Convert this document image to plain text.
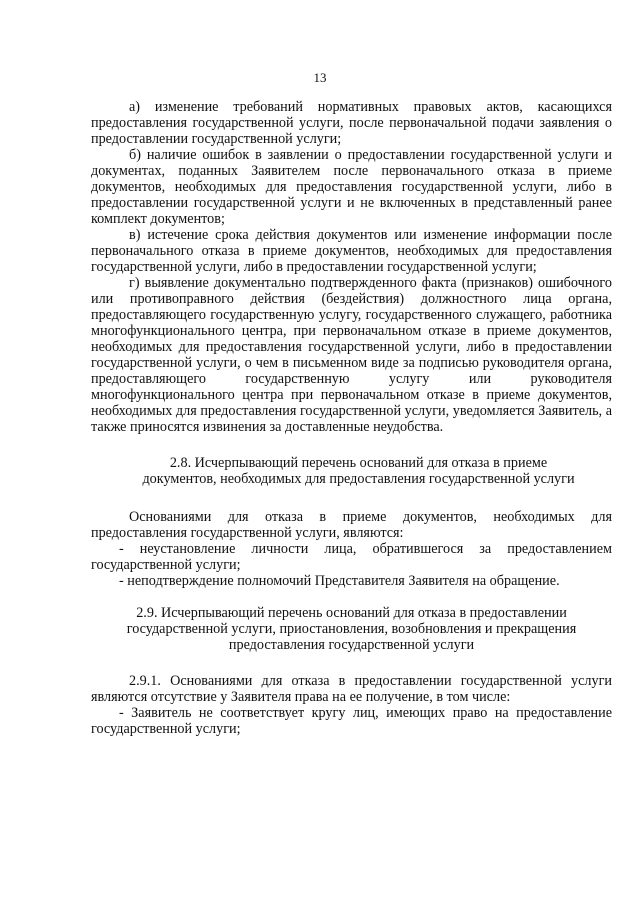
13

а) изменение требований нормативных правовых актов, касающихся предоставления государственной услуги, после первоначальной подачи заявления о предоставлении государственной услуги;

б) наличие ошибок в заявлении о предоставлении государственной услуги и документах, поданных Заявителем после первоначального отказа в приеме документов, необходимых для предоставления государственной услуги, либо в предоставлении государственной услуги и не включенных в представленный ранее комплект документов;

в) истечение срока действия документов или изменение информации после первоначального отказа в приеме документов, необходимых для предоставления государственной услуги, либо в предоставлении государственной услуги;

г) выявление документально подтвержденного факта (признаков) ошибочного или противоправного действия (бездействия) должностного лица органа, предоставляющего государственную услугу, государственного служащего, работника многофункционального центра, при первоначальном отказе в приеме документов, необходимых для предоставления государственной услуги, либо в предоставлении государственной услуги, о чем в письменном виде за подписью руководителя органа, предоставляющего государственную услугу или руководителя многофункционального центра при первоначальном отказе в приеме документов, необходимых для предоставления государственной услуги, уведомляется Заявитель, а также приносятся извинения за доставленные неудобства.

2.8. Исчерпывающий перечень оснований для отказа в приеме
документов, необходимых для предоставления государственной услуги

Основаниями для отказа в приеме документов, необходимых для предоставления государственной услуги, являются:

- неустановление личности лица, обратившегося за предоставлением государственной услуги;

- неподтверждение полномочий Представителя Заявителя на обращение.

2.9. Исчерпывающий перечень оснований для отказа в предоставлении
государственной услуги, приостановления, возобновления и прекращения
предоставления государственной услуги

2.9.1. Основаниями для отказа в предоставлении государственной услуги являются отсутствие у Заявителя права на ее получение, в том числе:

- Заявитель не соответствует кругу лиц, имеющих право на предоставление государственной услуги;
